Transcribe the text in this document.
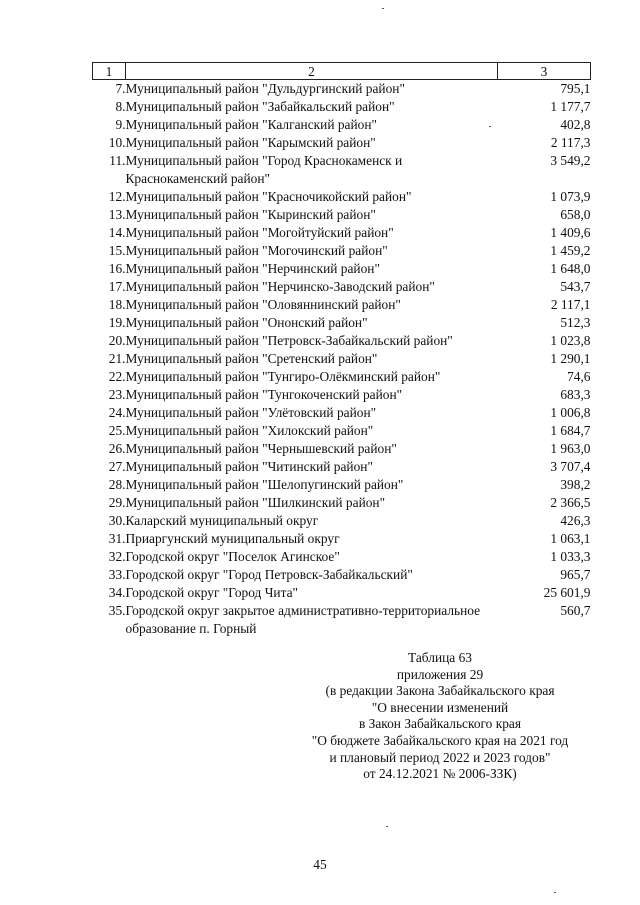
1	2	3
7.	Муниципальный район "Дульдургинский район"	795,1
8.	Муниципальный район "Забайкальский район"	1 177,7
9.	Муниципальный район "Калганский район"	402,8
10.	Муниципальный район "Карымский район"	2 117,3
11.	Муниципальный район "Город Краснокаменск и Краснокаменский район"	3 549,2
12.	Муниципальный район "Красночикойский район"	1 073,9
13.	Муниципальный район "Кыринский район"	658,0
14.	Муниципальный район "Могойтуйский район"	1 409,6
15.	Муниципальный район "Могочинский район"	1 459,2
16.	Муниципальный район "Нерчинский район"	1 648,0
17.	Муниципальный район "Нерчинско-Заводский район"	543,7
18.	Муниципальный район "Оловяннинский район"	2 117,1
19.	Муниципальный район "Ононский район"	512,3
20.	Муниципальный район "Петровск-Забайкальский район"	1 023,8
21.	Муниципальный район "Сретенский район"	1 290,1
22.	Муниципальный район "Тунгиро-Олёкминский район"	74,6
23.	Муниципальный район "Тунгокоченский район"	683,3
24.	Муниципальный район "Улётовский район"	1 006,8
25.	Муниципальный район "Хилокский район"	1 684,7
26.	Муниципальный район "Чернышевский район"	1 963,0
27.	Муниципальный район "Читинский район"	3 707,4
28.	Муниципальный район "Шелопугинский район"	398,2
29.	Муниципальный район "Шилкинский район"	2 366,5
30.	Каларский муниципальный округ	426,3
31.	Приаргунский муниципальный округ	1 063,1
32.	Городской округ "Поселок Агинское"	1 033,3
33.	Городской округ "Город Петровск-Забайкальский"	965,7
34.	Городской округ "Город Чита"	25 601,9
35.	Городской округ закрытое административно-территориальное образование п. Горный	560,7
Таблица 63
приложения 29
(в редакции Закона Забайкальского края
"О внесении изменений
в Закон Забайкальского края
"О бюджете Забайкальского края на 2021 год
и плановый период 2022 и 2023 годов"
от 24.12.2021 № 2006-ЗЗК)
45
